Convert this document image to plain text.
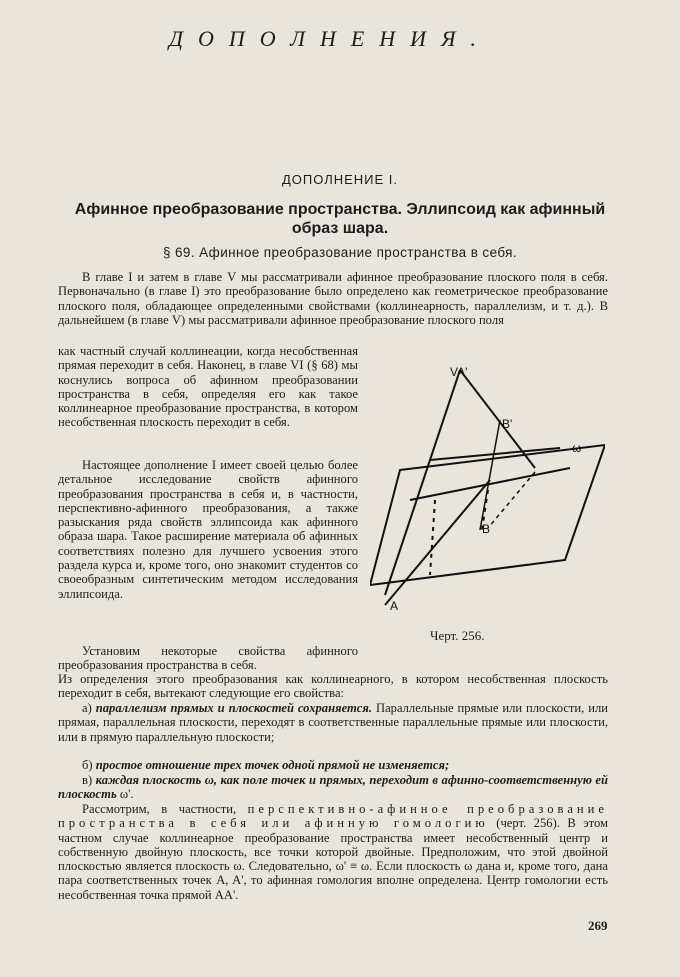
ДОПОЛНЕНИЯ.
ДОПОЛНЕНИЕ I.
Афинное преобразование пространства. Эллипсоид как афинный образ шара.
§ 69. Афинное преобразование пространства в себя.

В главе I и затем в главе V мы рассматривали афинное преобразование плоского поля в себя. Первоначально (в главе I) это преобразование было определено как геометрическое преобразование плоского поля, обладающее определенными свойствами (коллинеарность, параллелизм, и т. д.). В дальнейшем (в главе V) мы рассматривали афинное преобразование плоского поля

как частный случай коллинеации, когда несобственная прямая переходит в себя. Наконец, в главе VI (§ 68) мы коснулись вопроса об афинном преобразовании пространства в себя, определяя его как такое коллинеарное преобразование пространства, в котором несобственная плоскость переходит в себя.

Настоящее дополнение I имеет своей целью более детальное исследование свойств афинного преобразования пространства в себя и, в частности, перспективно-афинного преобразования, а также разыскания ряда свойств эллипсоида как афинного образа шара. Такое расширение материала об афинных соответствиях полезно для лучшего усвоения этого раздела курса и, кроме того, оно знакомит студентов со своеобразным синтетическим методом исследования эллипсоида.

Установим некоторые свойства афинного преобразования пространства в себя.

Из определения этого преобразования как коллинеарного, в котором несобственная плоскость переходит в себя, вытекают следующие его свойства:

а) параллелизм прямых и плоскостей сохраняется. Параллельные прямые или плоскости, или прямая, параллельная плоскости, переходят в соответственные параллельные прямые или плоскости, или в прямую параллельную плоскости;

б) простое отношение трех точек одной прямой не изменяется;

в) каждая плоскость ω, как поле точек и прямых, переходит в афинно-соответственную ей плоскость ω'.

Рассмотрим, в частности, перспективно-афинное преобразование пространства в себя или афинную гомологию (черт. 256). В этом частном случае коллинеарное преобразование пространства имеет несобственный центр и собственную двойную плоскость, все точки которой двойные. Предположим, что этой двойной плоскостью является плоскость ω. Следовательно, ω' ≡ ω. Если плоскость ω дана и, кроме того, дана пара соответственных точек A, A', то афинная гомология вполне определена. Центр гомологии есть несобственная точка прямой AA'.

VA'
B'
ω
B
A
Черт. 256.
269
